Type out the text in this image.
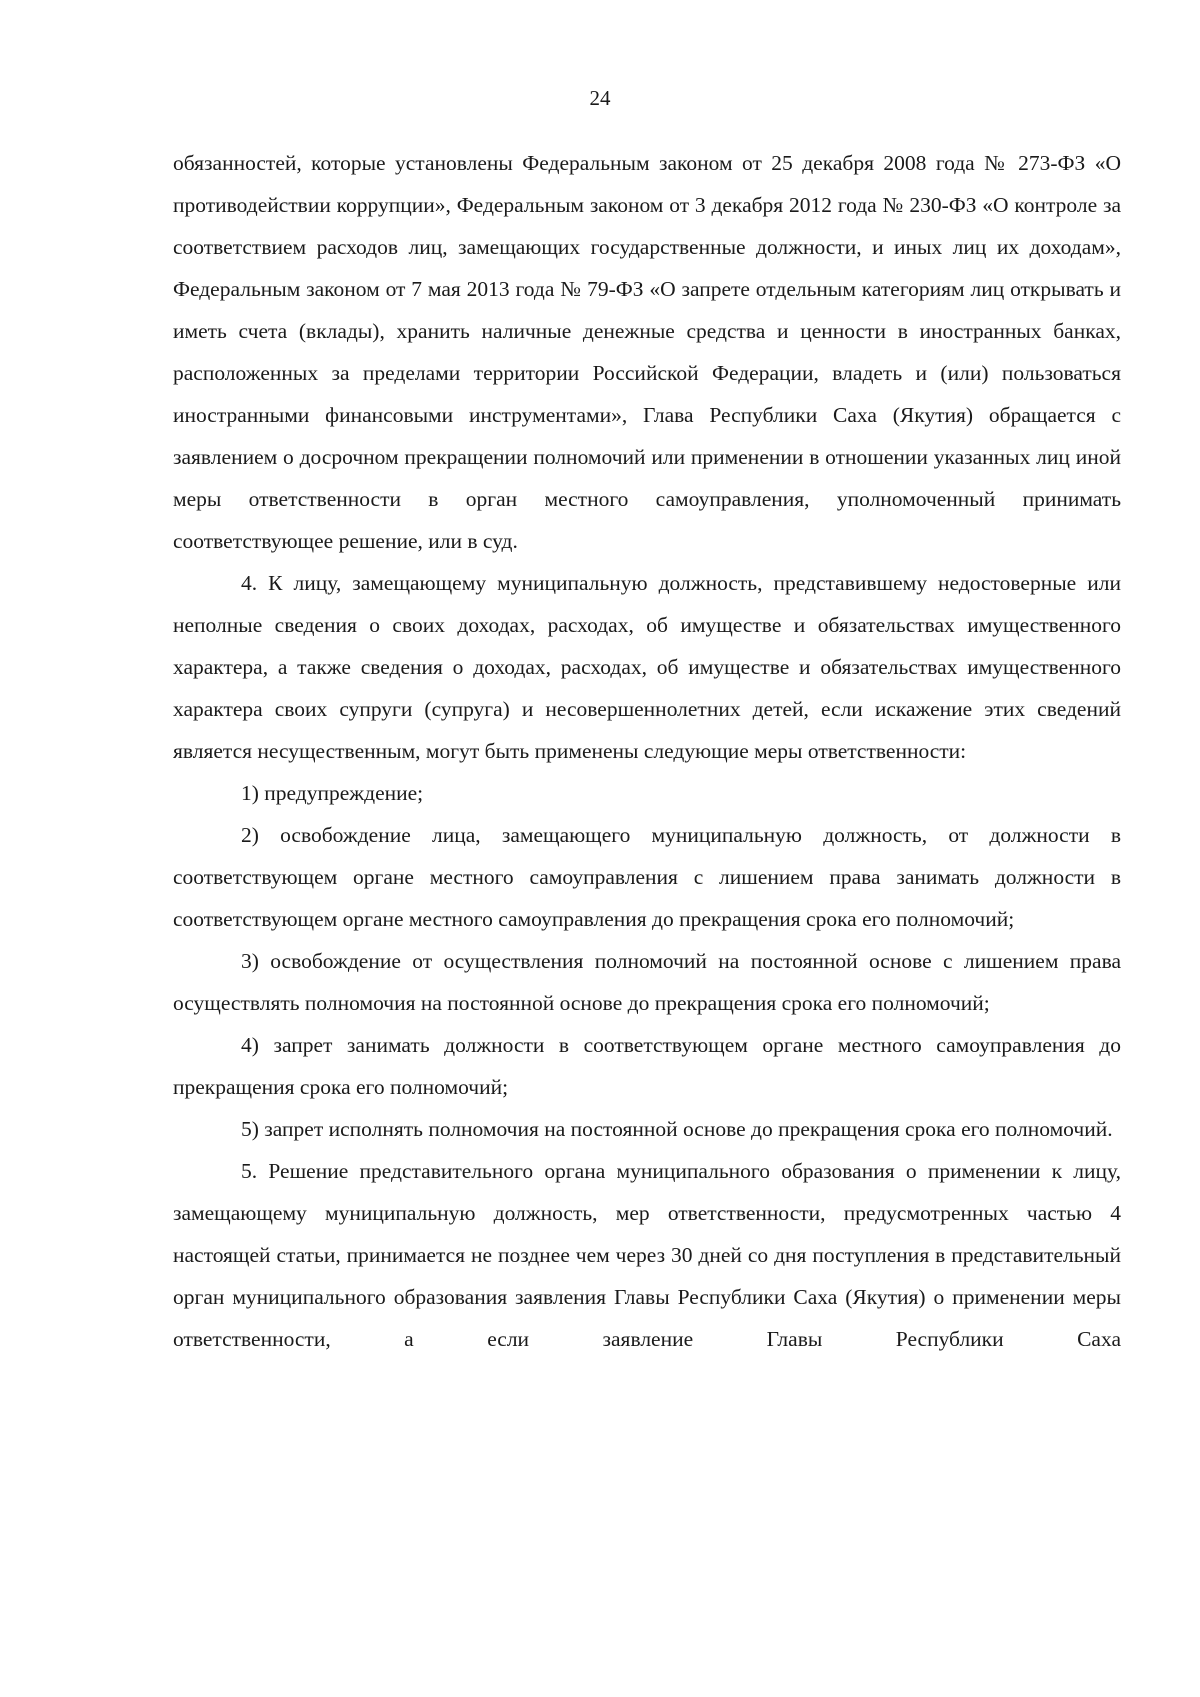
24

обязанностей, которые установлены Федеральным законом от 25 декабря 2008 года № 273-ФЗ «О противодействии коррупции», Федеральным законом от 3 декабря 2012 года № 230-ФЗ «О контроле за соответствием расходов лиц, замещающих государственные должности, и иных лиц их доходам», Федеральным законом от 7 мая 2013 года № 79-ФЗ «О запрете отдельным категориям лиц открывать и иметь счета (вклады), хранить наличные денежные средства и ценности в иностранных банках, расположенных за пределами территории Российской Федерации, владеть и (или) пользоваться иностранными финансовыми инструментами», Глава Республики Саха (Якутия) обращается с заявлением о досрочном прекращении полномочий или применении в отношении указанных лиц иной меры ответственности в орган местного самоуправления, уполномоченный принимать соответствующее решение, или в суд.

4. К лицу, замещающему муниципальную должность, представившему недостоверные или неполные сведения о своих доходах, расходах, об имуществе и обязательствах имущественного характера, а также сведения о доходах, расходах, об имуществе и обязательствах имущественного характера своих супруги (супруга) и несовершеннолетних детей, если искажение этих сведений является несущественным, могут быть применены следующие меры ответственности:

1) предупреждение;

2) освобождение лица, замещающего муниципальную должность, от должности в соответствующем органе местного самоуправления с лишением права занимать должности в соответствующем органе местного самоуправления до прекращения срока его полномочий;

3) освобождение от осуществления полномочий на постоянной основе с лишением права осуществлять полномочия на постоянной основе до прекращения срока его полномочий;

4) запрет занимать должности в соответствующем органе местного самоуправления до прекращения срока его полномочий;

5) запрет исполнять полномочия на постоянной основе до прекращения срока его полномочий.

5. Решение представительного органа муниципального образования о применении к лицу, замещающему муниципальную должность, мер ответственности, предусмотренных частью 4 настоящей статьи, принимается не позднее чем через 30 дней со дня поступления в представительный орган муниципального образования заявления Главы Республики Саха (Якутия) о применении меры ответственности, а если заявление Главы Республики Саха
